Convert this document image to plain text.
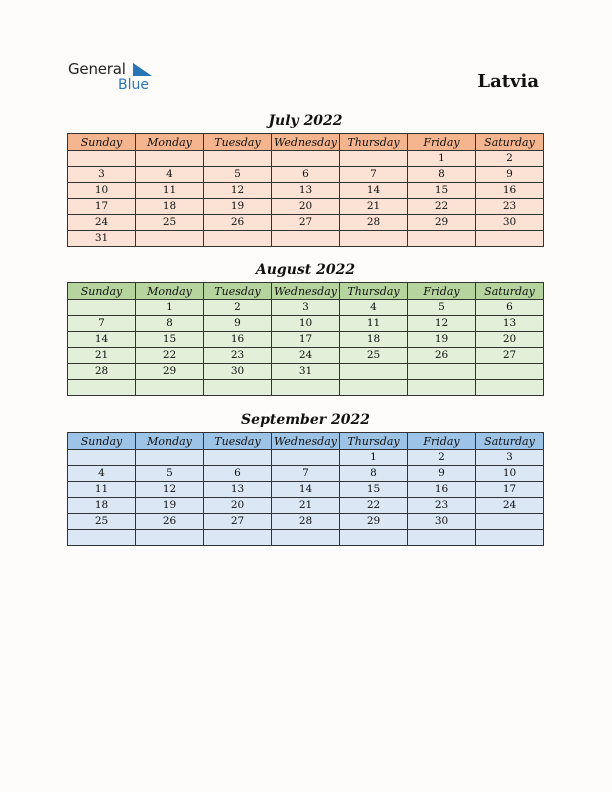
General
Blue	Latvia
July 2022
Sunday	Monday	Tuesday	Wednesday	Thursday	Friday	Saturday
					1	2
3	4	5	6	7	8	9
10	11	12	13	14	15	16
17	18	19	20	21	22	23
24	25	26	27	28	29	30
31						
August 2022
Sunday	Monday	Tuesday	Wednesday	Thursday	Friday	Saturday
	1	2	3	4	5	6
7	8	9	10	11	12	13
14	15	16	17	18	19	20
21	22	23	24	25	26	27
28	29	30	31			

September 2022
Sunday	Monday	Tuesday	Wednesday	Thursday	Friday	Saturday
				1	2	3
4	5	6	7	8	9	10
11	12	13	14	15	16	17
18	19	20	21	22	23	24
25	26	27	28	29	30	
